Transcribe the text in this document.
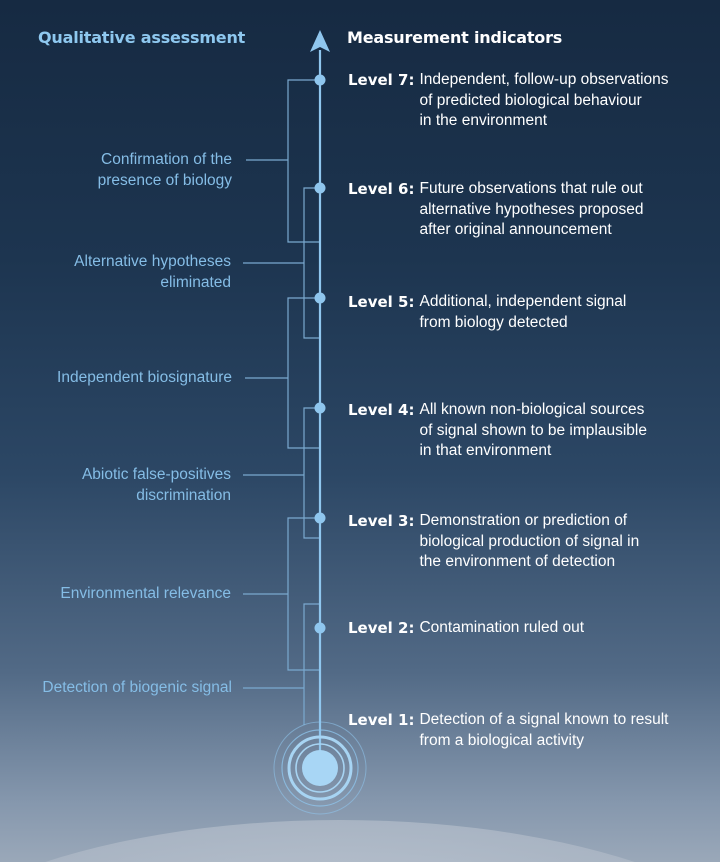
Qualitative assessment	Measurement indicators
Confirmation of the
presence of biology
Alternative hypotheses
eliminated
Independent biosignature
Abiotic false-positives
discrimination
Environmental relevance
Detection of biogenic signal
Level 7: Independent, follow-up observations
of predicted biological behaviour
in the environment
Level 6: Future observations that rule out
alternative hypotheses proposed
after original announcement
Level 5: Additional, independent signal
from biology detected
Level 4: All known non-biological sources
of signal shown to be implausible
in that environment
Level 3: Demonstration or prediction of
biological production of signal in
the environment of detection
Level 2: Contamination ruled out
Level 1: Detection of a signal known to result
from a biological activity
